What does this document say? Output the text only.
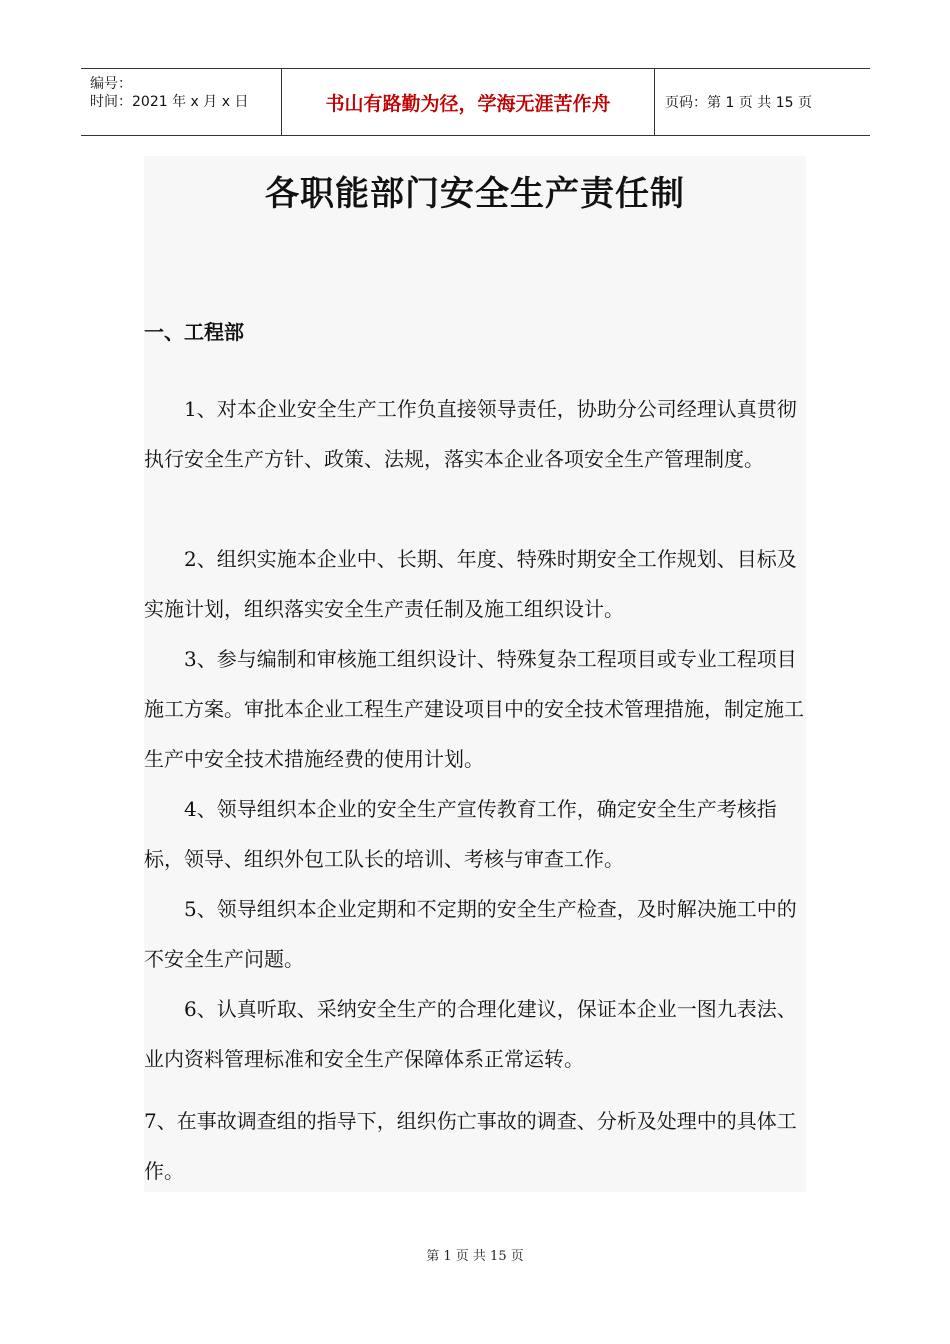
编号：
时间：2021 年 x 月 x 日	书山有路勤为径，学海无涯苦作舟	页码：第 1 页 共 15 页
各职能部门安全生产责任制
一、工程部

1、对本企业安全生产工作负直接领导责任，协助分公司经理认真贯彻执行安全生产方针、政策、法规，落实本企业各项安全生产管理制度。

2、组织实施本企业中、长期、年度、特殊时期安全工作规划、目标及实施计划，组织落实安全生产责任制及施工组织设计。

3、参与编制和审核施工组织设计、特殊复杂工程项目或专业工程项目施工方案。审批本企业工程生产建设项目中的安全技术管理措施，制定施工生产中安全技术措施经费的使用计划。

4、领导组织本企业的安全生产宣传教育工作，确定安全生产考核指标，领导、组织外包工队长的培训、考核与审查工作。

5、领导组织本企业定期和不定期的安全生产检查，及时解决施工中的不安全生产问题。

6、认真听取、采纳安全生产的合理化建议，保证本企业一图九表法、业内资料管理标准和安全生产保障体系正常运转。

7、在事故调查组的指导下，组织伤亡事故的调查、分析及处理中的具体工作。

第 1 页 共 15 页
